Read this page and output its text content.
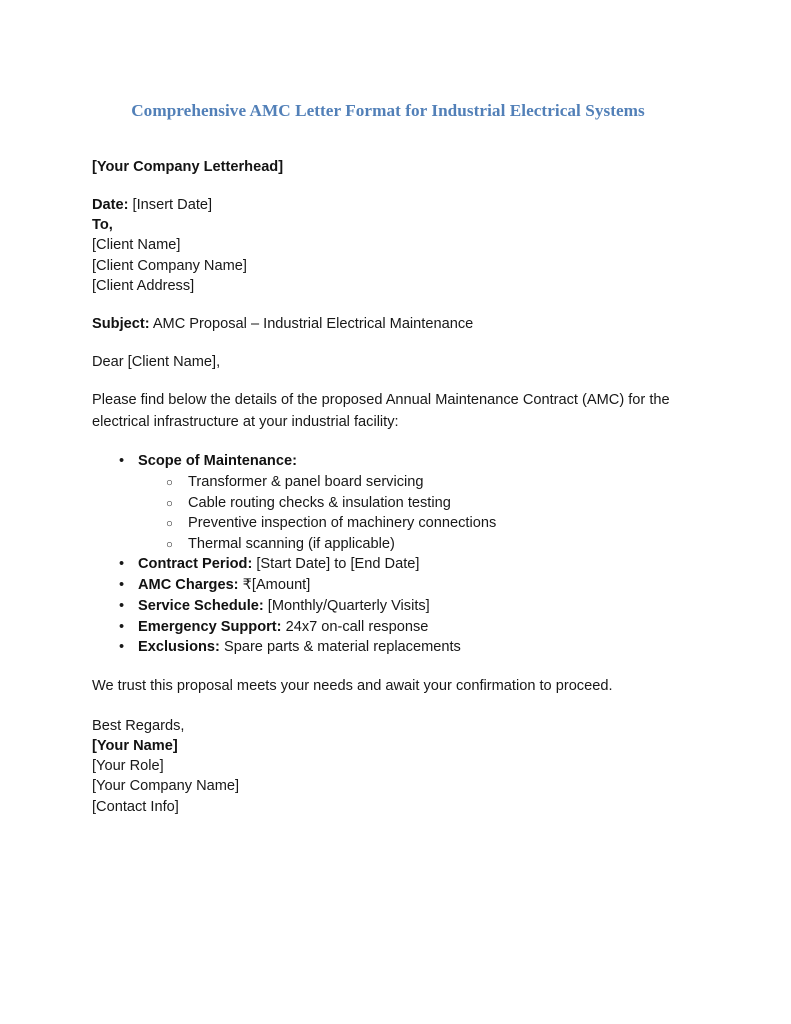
Comprehensive AMC Letter Format for Industrial Electrical Systems
[Your Company Letterhead]
Date: [Insert Date]
To,
[Client Name]
[Client Company Name]
[Client Address]
Subject: AMC Proposal – Industrial Electrical Maintenance
Dear [Client Name],

Please find below the details of the proposed Annual Maintenance Contract (AMC) for the electrical infrastructure at your industrial facility:

• Scope of Maintenance:
○ Transformer & panel board servicing
○ Cable routing checks & insulation testing
○ Preventive inspection of machinery connections
○ Thermal scanning (if applicable)
• Contract Period: [Start Date] to [End Date]
• AMC Charges: ₹[Amount]
• Service Schedule: [Monthly/Quarterly Visits]
• Emergency Support: 24x7 on-call response
• Exclusions: Spare parts & material replacements

We trust this proposal meets your needs and await your confirmation to proceed.

Best Regards,
[Your Name]
[Your Role]
[Your Company Name]
[Contact Info]
